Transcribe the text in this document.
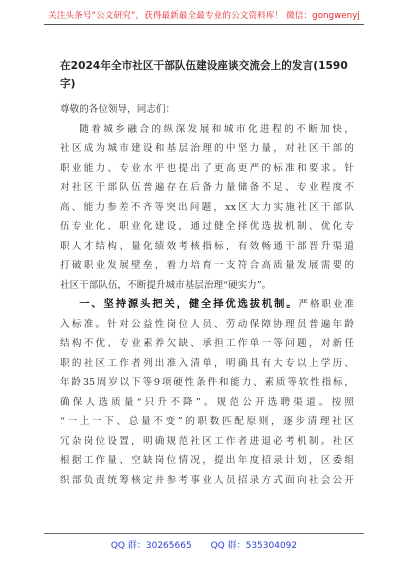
关注头条号“公文研究”，获得最新最全最专业的公文资料库！ 微信：gongwenyj
在2024年全市社区干部队伍建设座谈交流会上的发言(1590字)

尊敬的各位领导，同志们：

随着城乡融合的纵深发展和城市化进程的不断加快，
社区成为城市建设和基层治理的中坚力量，对社区干部的
职业能力、专业水平也提出了更高更严的标准和要求。针
对社区干部队伍普遍存在后备力量储备不足、专业程度不
高、能力参差不齐等突出问题，xx区大力实施社区干部队
伍专业化、职业化建设，通过健全择优选拔机制、优化专
职人才结构、量化绩效考核指标，有效畅通干部晋升渠道
打破职业发展壁垒，着力培育一支符合高质量发展需要的
社区干部队伍，不断提升城市基层治理“硬实力”。

一、坚持源头把关，健全择优选拔机制。严格职业准
入标准。针对公益性岗位人员、劳动保障协理员普遍年龄
结构不优、专业素养欠缺、承担工作单一等问题，对新任
职的社区工作者列出准入清单，明确具有大专以上学历、
年龄35周岁以下等9项硬性条件和能力、素质等软性指标，
确保人选质量“只升不降”。规范公开选聘渠道。按照
“一上一下、总量不变”的职数匹配原则，逐步清理社区
冗杂岗位设置，明确规范社区工作者进退必考机制。社区
根据工作量、空缺岗位情况，提出年度招录计划，区委组
织部负责统筹核定并参考事业人员招录方式面向社会公开

QQ 群：30265665 QQ 群：535304092
